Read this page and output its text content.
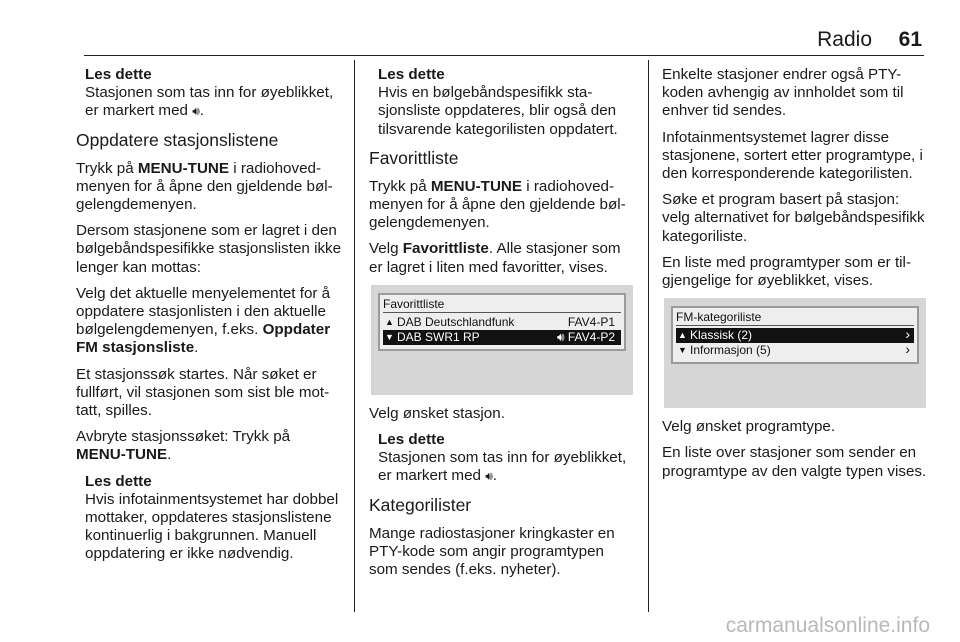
Radio 61
Les dette
Stasjonen som tas inn for øyeblikket, er markert med 🔊︎.
Oppdatere stasjonslistene

Trykk på MENU-TUNE i radiohovedmenyen for å åpne den gjeldende bølgelengdemenyen.

Dersom stasjonene som er lagret i den bølgebåndspesifikke stasjonslisten ikke lenger kan mottas:

Velg det aktuelle menyelementet for å oppdatere stasjonlisten i den aktuelle bølgelengdemenyen, f.eks. Oppdater FM stasjonsliste.

Et stasjonssøk startes. Når søket er fullført, vil stasjonen som sist ble mottatt, spilles.

Avbryte stasjonssøket: Trykk på MENU-TUNE.

Les dette
Hvis infotainmentsystemet har dobbel mottaker, oppdateres stasjonslistene kontinuerlig i bakgrunnen. Manuell oppdatering er ikke nødvendig.
Les dette
Hvis en bølgebåndspesifikk stasjonsliste oppdateres, blir også den tilsvarende kategorilisten oppdatert.
Favorittliste

Trykk på MENU-TUNE i radiohovedmenyen for å åpne den gjeldende bølgelengdemenyen.

Velg Favorittliste. Alle stasjoner som er lagret i liten med favoritter, vises.

Favorittliste
▲ DAB Deutschlandfunk	FAV4-P1
▼ DAB SWR1 RP	🔊︎ FAV4-P2

Velg ønsket stasjon.

Les dette
Stasjonen som tas inn for øyeblikket, er markert med 🔊︎.
Kategorilister

Mange radiostasjoner kringkaster en PTY-kode som angir programtypen som sendes (f.eks. nyheter).

Enkelte stasjoner endrer også PTY-koden avhengig av innholdet som til enhver tid sendes.

Infotainmentsystemet lagrer disse stasjonene, sortert etter programtype, i den korresponderende kategorilisten.

Søke et program basert på stasjon: velg alternativet for bølgebåndspesifikk kategoriliste.

En liste med programtyper som er tilgjengelige for øyeblikket, vises.

FM-kategoriliste
▲ Klassisk (2)	›
▼ Informasjon (5)	›

Velg ønsket programtype.

En liste over stasjoner som sender en programtype av den valgte typen vises.

carmanualsonline.info
